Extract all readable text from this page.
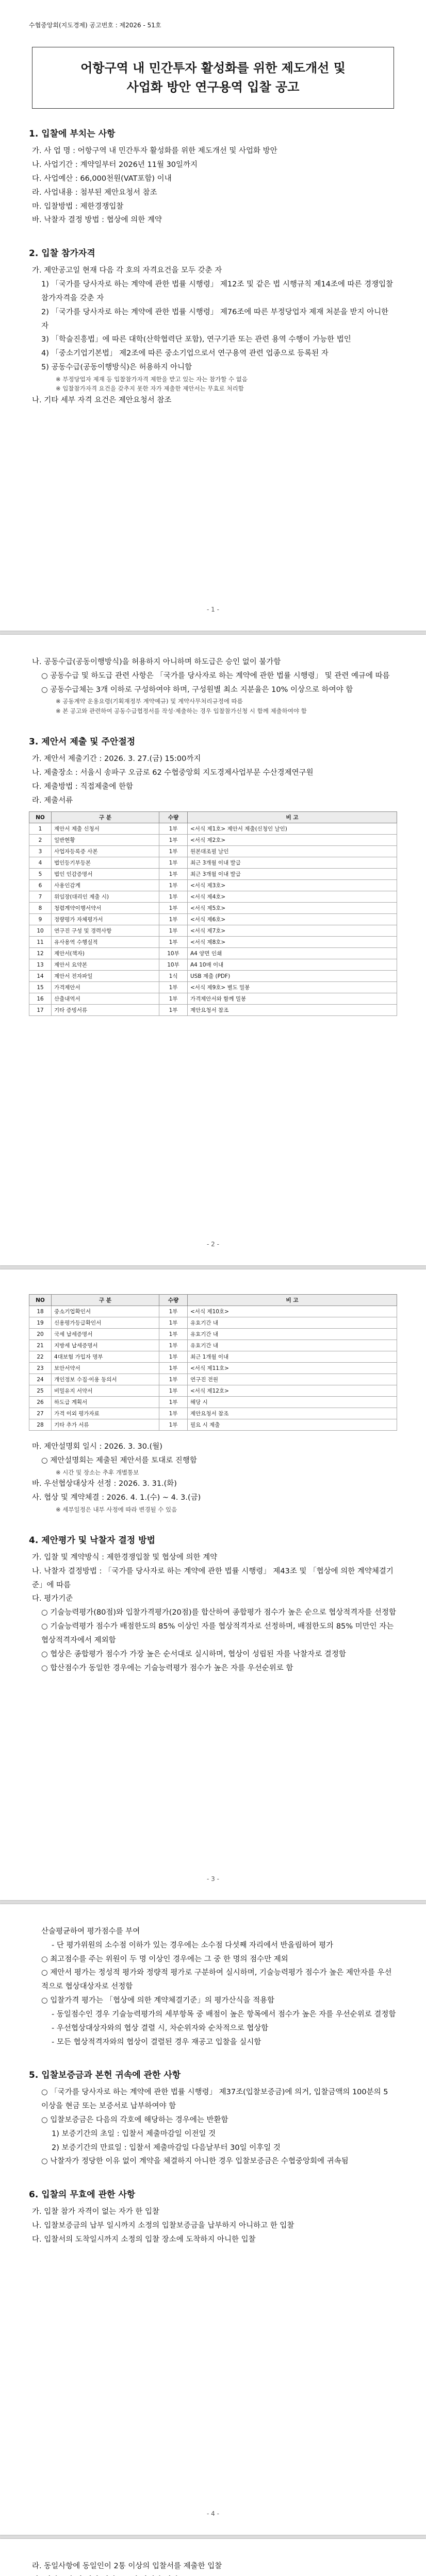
수협중앙회(지도경제) 공고번호 : 제2026 - 51호
어항구역 내 민간투자 활성화를 위한 제도개선 및
사업화 방안 연구용역 입찰 공고
1. 입찰에 부치는 사항
가. 사 업 명 : 어항구역 내 민간투자 활성화를 위한 제도개선 및 사업화 방안
나. 사업기간 : 계약일부터 2026년 11월 30일까지
다. 사업예산 : 66,000천원(VAT포함) 이내
라. 사업내용 : 첨부된 제안요청서 참조
마. 입찰방법 : 제한경쟁입찰
바. 낙찰자 결정 방법 : 협상에 의한 계약
2. 입찰 참가자격
가. 제안공고일 현재 다음 각 호의 자격요건을 모두 갖춘 자
1) 「국가를 당사자로 하는 계약에 관한 법률 시행령」 제12조 및 같은 법 시행규칙 제14조에 따른 경쟁입찰 참가자격을 갖춘 자
2) 「국가를 당사자로 하는 계약에 관한 법률 시행령」 제76조에 따른 부정당업자 제재 처분을 받지 아니한 자
3) 「학술진흥법」에 따른 대학(산학협력단 포함), 연구기관 또는 관련 용역 수행이 가능한 법인
4) 「중소기업기본법」 제2조에 따른 중소기업으로서 연구용역 관련 업종으로 등록된 자
5) 공동수급(공동이행방식)은 허용하지 아니함
※ 부정당업자 제재 등 입찰참가자격 제한을 받고 있는 자는 참가할 수 없음
※ 입찰참가자격 요건을 갖추지 못한 자가 제출한 제안서는 무효로 처리함
나. 기타 세부 자격 요건은 제안요청서 참조
- 1 -
나. 공동수급(공동이행방식)을 허용하지 아니하며 하도급은 승인 없이 불가함
○ 공동수급 및 하도급 관련 사항은 「국가를 당사자로 하는 계약에 관한 법률 시행령」 및 관련 예규에 따름
○ 공동수급체는 3개 이하로 구성하여야 하며, 구성원별 최소 지분율은 10% 이상으로 하여야 함
※ 공동계약 운용요령(기획재정부 계약예규) 및 계약사무처리규정에 따름
※ 본 공고와 관련하여 공동수급협정서를 작성·제출하는 경우 입찰참가신청 시 함께 제출하여야 함
3. 제안서 제출 및 주안절정
가. 제안서 제출기간 : 2026. 3. 27.(금) 15:00까지
나. 제출장소 : 서울시 송파구 오금로 62 수협중앙회 지도경제사업부문 수산경제연구원
다. 제출방법 : 직접제출에 한함
라. 제출서류
NO	구 분	수량	비 고
1	제안서 제출 신청서	1부	<서식 제1호> 제안서 제출(신청인 날인)
2	일반현황	1부	<서식 제2호>
3	사업자등록증 사본	1부	원본대조필 날인
4	법인등기부등본	1부	최근 3개월 이내 발급
5	법인 인감증명서	1부	최근 3개월 이내 발급
6	사용인감계	1부	<서식 제3호>
7	위임장(대리인 제출 시)	1부	<서식 제4호>
8	청렴계약이행서약서	1부	<서식 제5호>
9	정량평가 자체평가서	1부	<서식 제6호>
10	연구진 구성 및 경력사항	1부	<서식 제7호>
11	유사용역 수행실적	1부	<서식 제8호>
12	제안서(책자)	10부	A4 양면 인쇄
13	제안서 요약본	10부	A4 10매 이내
14	제안서 전자파일	1식	USB 제출 (PDF)
15	가격제안서	1부	<서식 제9호> 별도 밀봉
16	산출내역서	1부	가격제안서와 함께 밀봉
17	기타 증빙서류	1부	제안요청서 참조
- 2 -
NO	구 분	수량	비 고
18	중소기업확인서	1부	<서식 제10호>
19	신용평가등급확인서	1부	유효기간 내
20	국세 납세증명서	1부	유효기간 내
21	지방세 납세증명서	1부	유효기간 내
22	4대보험 가입자 명부	1부	최근 1개월 이내
23	보안서약서	1부	<서식 제11호>
24	개인정보 수집·이용 동의서	1부	연구진 전원
25	비밀유지 서약서	1부	<서식 제12호>
26	하도급 계획서	1부	해당 시
27	가격 이외 평가자료	1부	제안요청서 참조
28	기타 추가 서류	1부	필요 시 제출
마. 제안설명회 일시 : 2026. 3. 30.(월)
○ 제안설명회는 제출된 제안서를 토대로 진행함
※ 시간 및 장소는 추후 개별통보
바. 우선협상대상자 선정 : 2026. 3. 31.(화)
사. 협상 및 계약체결 : 2026. 4. 1.(수) ~ 4. 3.(금)
※ 세부일정은 내부 사정에 따라 변경될 수 있음
4. 제안평가 및 낙찰자 결정 방법
가. 입찰 및 계약방식 : 제한경쟁입찰 및 협상에 의한 계약
나. 낙찰자 결정방법 : 「국가를 당사자로 하는 계약에 관한 법률 시행령」 제43조 및 「협상에 의한 계약체결기준」에 따름
다. 평가기준
○ 기술능력평가(80점)와 입찰가격평가(20점)를 합산하여 종합평가 점수가 높은 순으로 협상적격자를 선정함
○ 기술능력평가 점수가 배점한도의 85% 이상인 자를 협상적격자로 선정하며, 배점한도의 85% 미만인 자는 협상적격자에서 제외함
○ 협상은 종합평가 점수가 가장 높은 순서대로 실시하며, 협상이 성립된 자를 낙찰자로 결정함
○ 합산점수가 동일한 경우에는 기술능력평가 점수가 높은 자를 우선순위로 함
- 3 -
산술평균하여 평가점수를 부여
- 단 평가위원의 소수점 이하가 있는 경우에는 소수점 다섯째 자리에서 반올림하여 평가
○ 최고점수를 주는 위원이 두 명 이상인 경우에는 그 중 한 명의 점수만 제외
○ 제안서 평가는 정성적 평가와 정량적 평가로 구분하여 실시하며, 기술능력평가 점수가 높은 제안자를 우선적으로 협상대상자로 선정함
○ 입찰가격 평가는 「협상에 의한 계약체결기준」의 평가산식을 적용함
- 동일점수인 경우 기술능력평가의 세부항목 중 배점이 높은 항목에서 점수가 높은 자를 우선순위로 결정함
- 우선협상대상자와의 협상 결렬 시, 차순위자와 순차적으로 협상함
- 모든 협상적격자와의 협상이 결렬된 경우 재공고 입찰을 실시함
5. 입찰보증금과 본헌 귀속에 관한 사항
○ 「국가를 당사자로 하는 계약에 관한 법률 시행령」 제37조(입찰보증금)에 의거, 입찰금액의 100분의 5 이상을 현금 또는 보증서로 납부하여야 함
○ 입찰보증금은 다음의 각호에 해당하는 경우에는 반환함
1) 보증기간의 초일 : 입찰서 제출마감일 이전일 것
2) 보증기간의 만료일 : 입찰서 제출마감일 다음날부터 30일 이후일 것
○ 낙찰자가 정당한 이유 없이 계약을 체결하지 아니한 경우 입찰보증금은 수협중앙회에 귀속됨
6. 입찰의 무효에 관한 사항
가. 입찰 참가 자격이 없는 자가 한 입찰
나. 입찰보증금의 납부 일시까지 소정의 입찰보증금을 납부하지 아니하고 한 입찰
다. 입찰서의 도착일시까지 소정의 입찰 장소에 도착하지 아니한 입찰
- 4 -
라. 동일사항에 동일인이 2통 이상의 입찰서를 제출한 입찰
